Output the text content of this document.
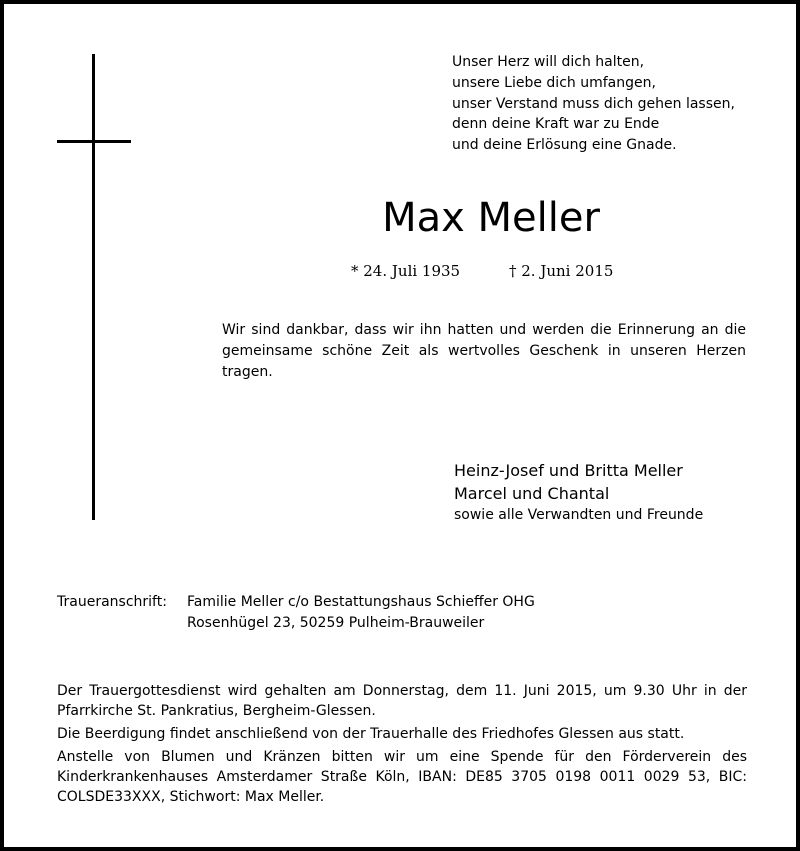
Unser Herz will dich halten,
unsere Liebe dich umfangen,
unser Verstand muss dich gehen lassen,
denn deine Kraft war zu Ende
und deine Erlösung eine Gnade.
Max Meller
* 24. Juli 1935	† 2. Juni 2015
Wir sind dankbar, dass wir ihn hatten und werden die Erinnerung an die gemeinsame schöne Zeit als wertvolles Geschenk in unseren Herzen tragen.
Heinz-Josef und Britta Meller
Marcel und Chantal
sowie alle Verwandten und Freunde
Traueranschrift: Familie Meller c/o Bestattungshaus Schieffer OHG
Rosenhügel 23, 50259 Pulheim-Brauweiler

Der Trauergottesdienst wird gehalten am Donnerstag, dem 11. Juni 2015, um 9.30 Uhr in der Pfarrkirche St. Pankratius, Bergheim-Glessen.

Die Beerdigung findet anschließend von der Trauerhalle des Friedhofes Glessen aus statt.

Anstelle von Blumen und Kränzen bitten wir um eine Spende für den Förderverein des Kinderkrankenhauses Amsterdamer Straße Köln, IBAN: DE85 3705 0198 0011 0029 53, BIC: COLSDE33XXX, Stichwort: Max Meller.
